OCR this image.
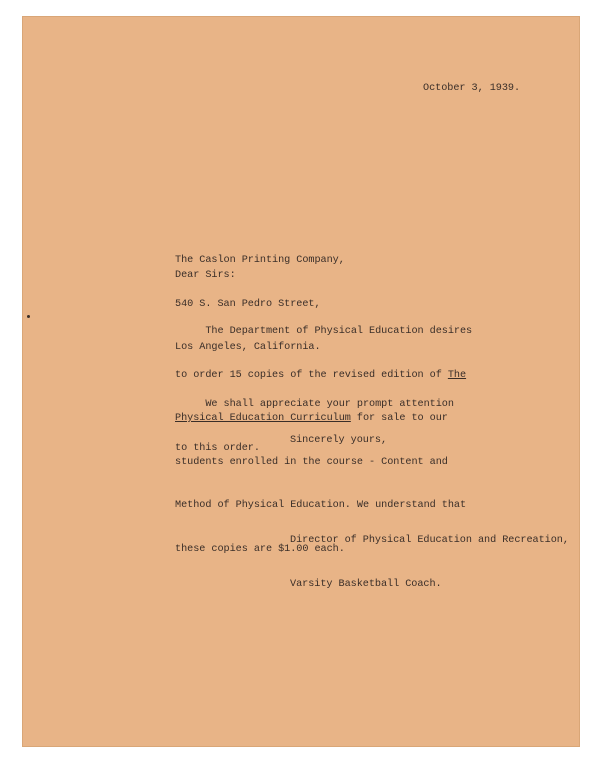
October 3, 1939.

The Caslon Printing Company,

540 S. San Pedro Street,

Los Angeles, California.

Dear Sirs:

The Department of Physical Education desires

to order 15 copies of the revised edition of The

Physical Education Curriculum for sale to our

students enrolled in the course - Content and

Method of Physical Education. We understand that

these copies are $1.00 each.

We shall appreciate your prompt attention

to this order.

Sincerely yours,

Director of Physical Education and Recreation,

Varsity Basketball Coach.
